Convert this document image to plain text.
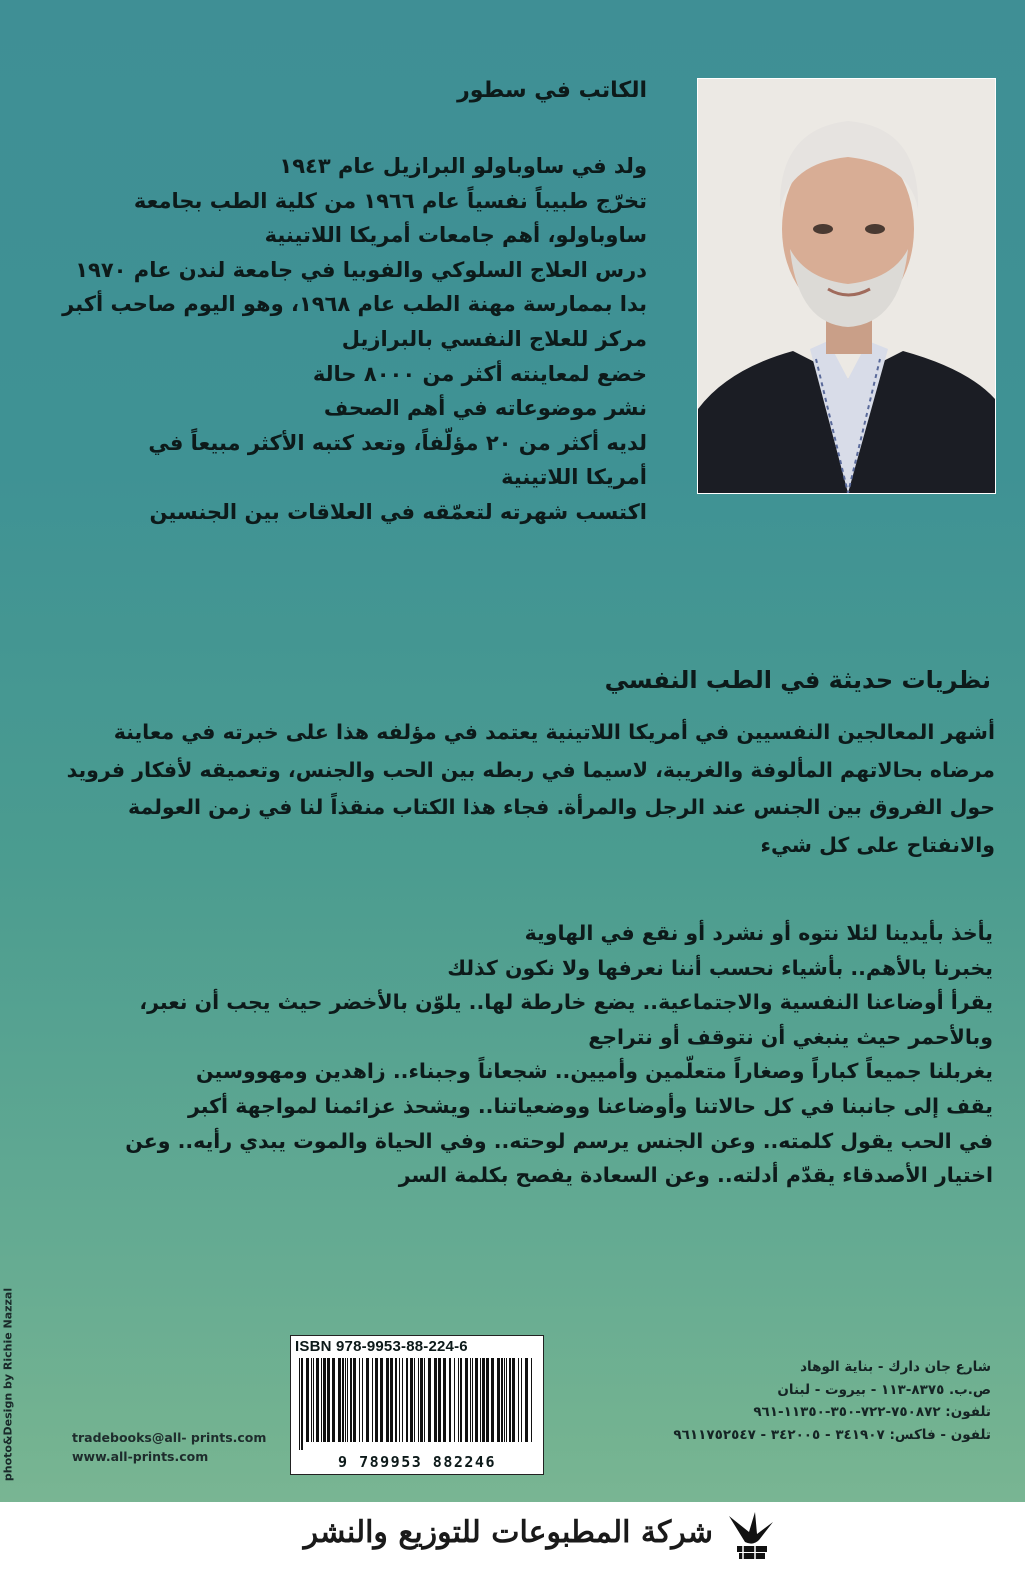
الكاتب في سطور
ولد في ساوباولو البرازيل عام ١٩٤٣
تخرّج طبيباً نفسياً عام ١٩٦٦ من كلية الطب بجامعة
ساوباولو، أهم جامعات أمريكا اللاتينية
درس العلاج السلوكي والفوبيا في جامعة لندن عام ١٩٧٠
بدا بممارسة مهنة الطب عام ١٩٦٨، وهو اليوم صاحب أكبر
مركز للعلاج النفسي بالبرازيل
خضع لمعاينته أكثر من ٨٠٠٠ حالة
نشر موضوعاته في أهم الصحف
لديه أكثر من ٢٠ مؤلّفاً، وتعد كتبه الأكثر مبيعاً في
أمريكا اللاتينية
اكتسب شهرته لتعمّقه في العلاقات بين الجنسين
نظريات حديثة في الطب النفسي
أشهر المعالجين النفسيين في أمريكا اللاتينية يعتمد في مؤلفه هذا على خبرته في معاينة
مرضاه بحالاتهم المألوفة والغريبة، لاسيما في ربطه بين الحب والجنس، وتعميقه لأفكار فرويد
حول الفروق بين الجنس عند الرجل والمرأة. فجاء هذا الكتاب منقذاً لنا في زمن العولمة
والانفتاح على كل شيء
يأخذ بأيدينا لئلا نتوه أو نشرد أو نقع في الهاوية
يخبرنا بالأهم.. بأشياء نحسب أننا نعرفها ولا نكون كذلك
يقرأ أوضاعنا النفسية والاجتماعية.. يضع خارطة لها.. يلوّن بالأخضر حيث يجب أن نعبر،
وبالأحمر حيث ينبغي أن نتوقف أو نتراجع
يغربلنا جميعاً كباراً وصغاراً متعلّمين وأميين.. شجعاناً وجبناء.. زاهدين ومهووسين
يقف إلى جانبنا في كل حالاتنا وأوضاعنا ووضعياتنا.. ويشحذ عزائمنا لمواجهة أكبر
في الحب يقول كلمته.. وعن الجنس يرسم لوحته.. وفي الحياة والموت يبدي رأيه.. وعن
اختيار الأصدقاء يقدّم أدلته.. وعن السعادة يفصح بكلمة السر
photo&Design by Richie Nazzal	tradebooks@all- prints.com
www.all-prints.com
ISBN 978-9953-88-224-6
9 789953 882246
شارع جان دارك - بناية الوهاد
ص.ب. ٨٣٧٥-١١٣ - بيروت - لبنان
تلفون: ٧٥٠٨٧٢-٧٢٢-٣٥٠-١١٣٥٠-٩٦١
تلفون - فاكس: ٣٤١٩٠٧ - ٣٤٢٠٠٥ - ٩٦١١٧٥٢٥٤٧
شركة المطبوعات للتوزيع والنشر
